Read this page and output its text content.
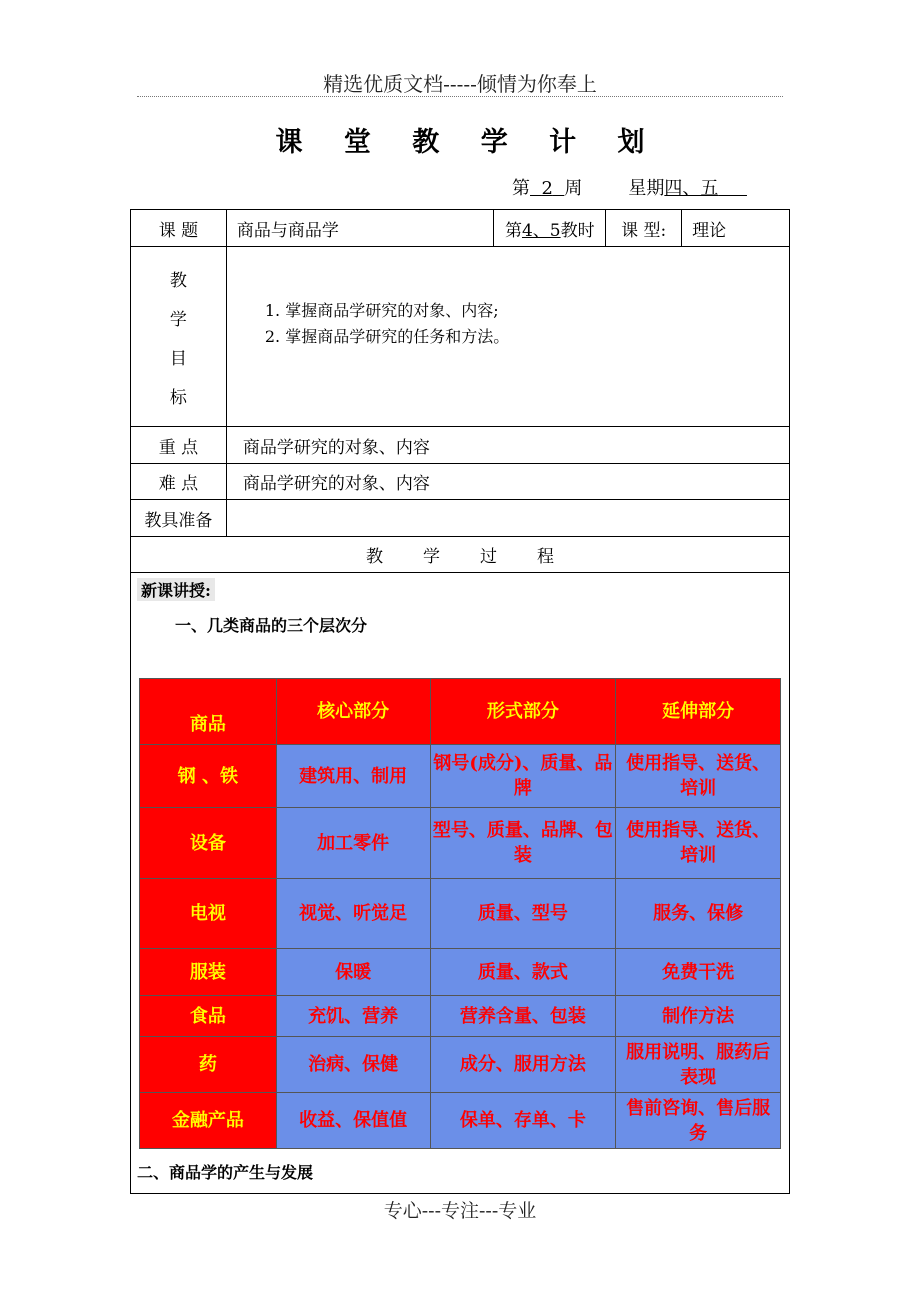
精选优质文档-----倾情为你奉上
课 堂 教 学 计 划
第 2 周	星期四、五
课 题	商品与商品学	第4、5教时	课 型:	理论

教
学
目
标

1. 掌握商品学研究的对象、内容;
2. 掌握商品学研究的任务和方法。

重 点	商品学研究的对象、内容
难 点	商品学研究的对象、内容
教具准备	
教学过程

新课讲授:
一、几类商品的三个层次分
商品	核心部分	形式部分	延伸部分
钢 、铁	建筑用、制用	钢号(成分)、质量、品牌	使用指导、送货、培训
设备	加工零件	型号、质量、品牌、包装	使用指导、送货、培训
电视	视觉、听觉足	质量、型号	服务、保修
服装	保暖	质量、款式	免费干洗
食品	充饥、营养	营养含量、包装	制作方法
药	治病、保健	成分、服用方法	服用说明、服药后表现
金融产品	收益、保值值	保单、存单、卡	售前咨询、售后服务
二、商品学的产生与发展
专心---专注---专业
